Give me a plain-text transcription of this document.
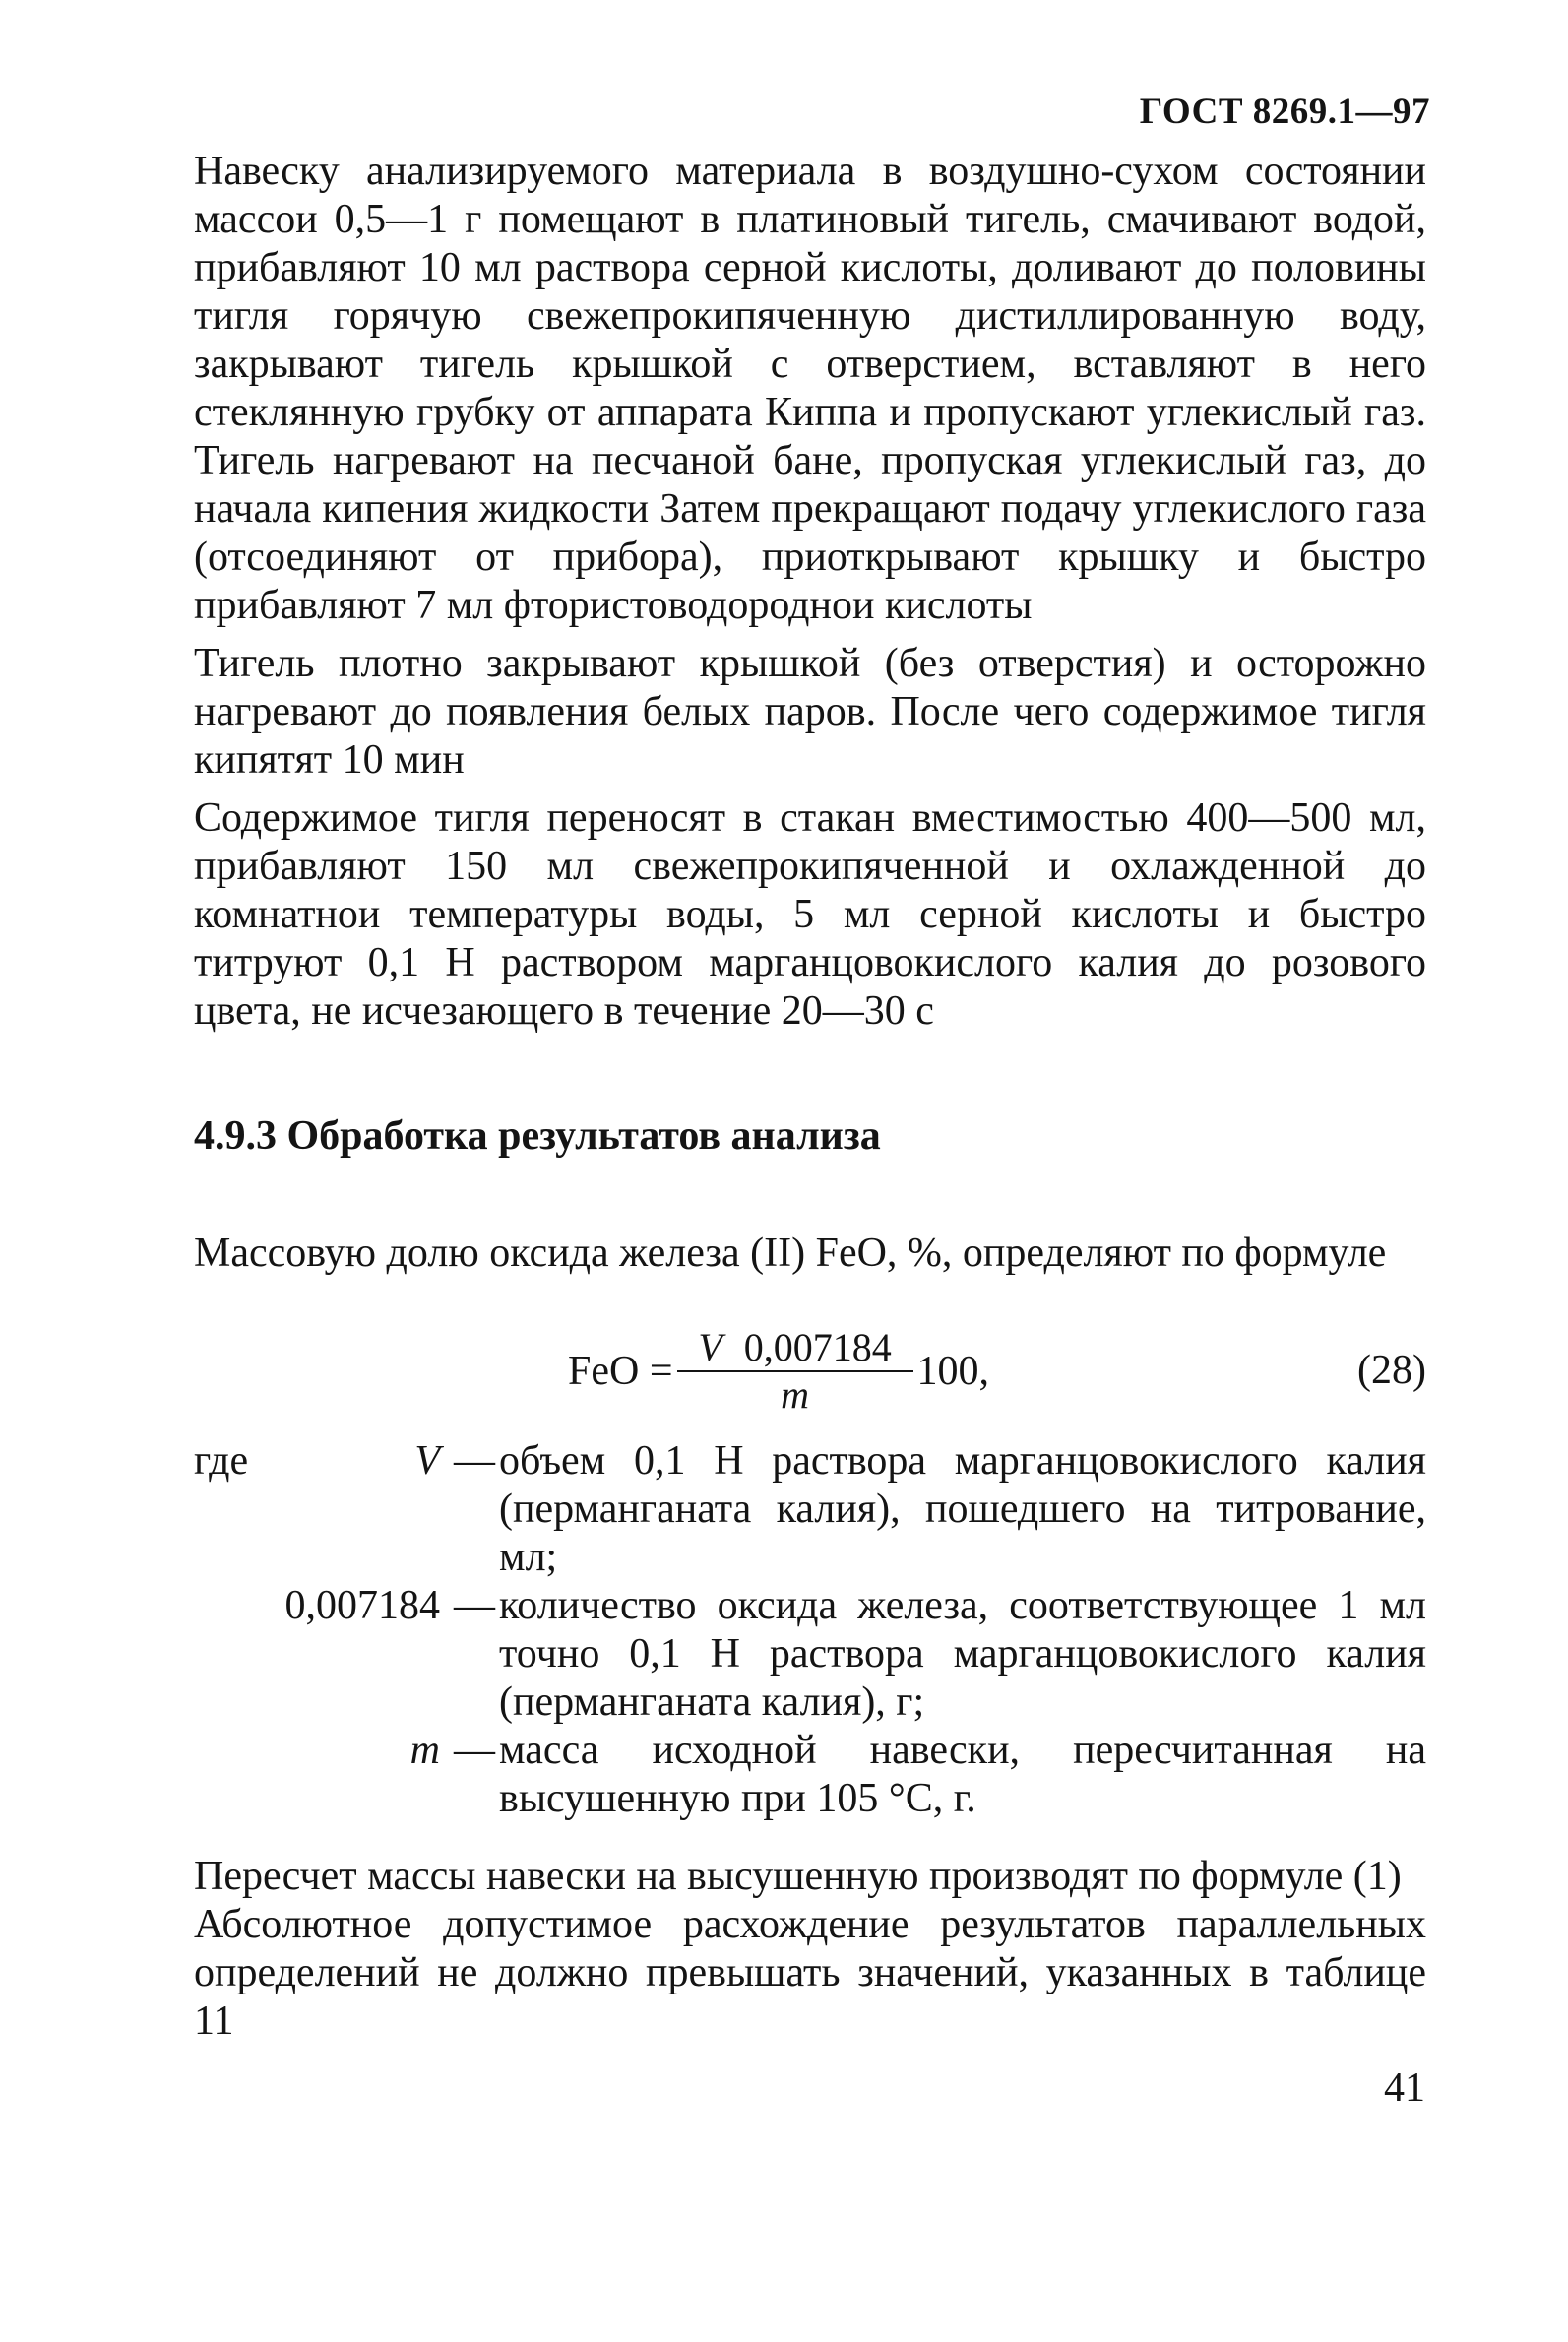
ГОСТ 8269.1—97

Навеску анализируемого материала в воздушно-сухом состоянии массои 0,5—1 г помещают в платиновый тигель, смачивают водой, прибавляют 10 мл раствора серной кислоты, доливают до половины тигля горячую свежепрокипяченную дистиллированную воду, закрывают тигель крышкой с отверстием, вставляют в него стеклянную грубку от аппарата Киппа и пропускают углекислый газ. Тигель нагревают на песчаной бане, пропуская углекислый газ, до начала кипения жидкости Затем прекращают подачу углекислого газа (отсоединяют от прибора), приоткрывают крышку и быстро прибавляют 7 мл фтористоводороднои кислоты

Тигель плотно закрывают крышкой (без отверстия) и осторожно нагревают до появления белых паров. После чего содержимое тигля кипятят 10 мин

Содержимое тигля переносят в стакан вместимостью 400—500 мл, прибавляют 150 мл свежепрокипяченной и охлажденной до комнатнои температуры воды, 5 мл серной кислоты и быстро титруют 0,1 Н раствором марганцовокислого калия до розового цвета, не исчезающего в течение 20—30 с

4.9.3 Обработка результатов анализа

Массовую долю оксида железа (II) FeO, %, определяют по формуле

FeO = $\frac{V 0,007184}{m} 100$,	(28)
где	V — объем 0,1 Н раствора марганцовокислого калия (перманганата калия), пошедшего на титрование, мл;
0,007184 — количество оксида железа, соответствующее 1 мл точно 0,1 Н раствора марганцовокислого калия (перманганата калия), г;
m — масса исходной навески, пересчитанная на высушенную при 105 °С, г.

Пересчет массы навески на высушенную производят по формуле (1)

Абсолютное допустимое расхождение результатов параллельных определений не должно превышать значений, указанных в таблице 11

41
